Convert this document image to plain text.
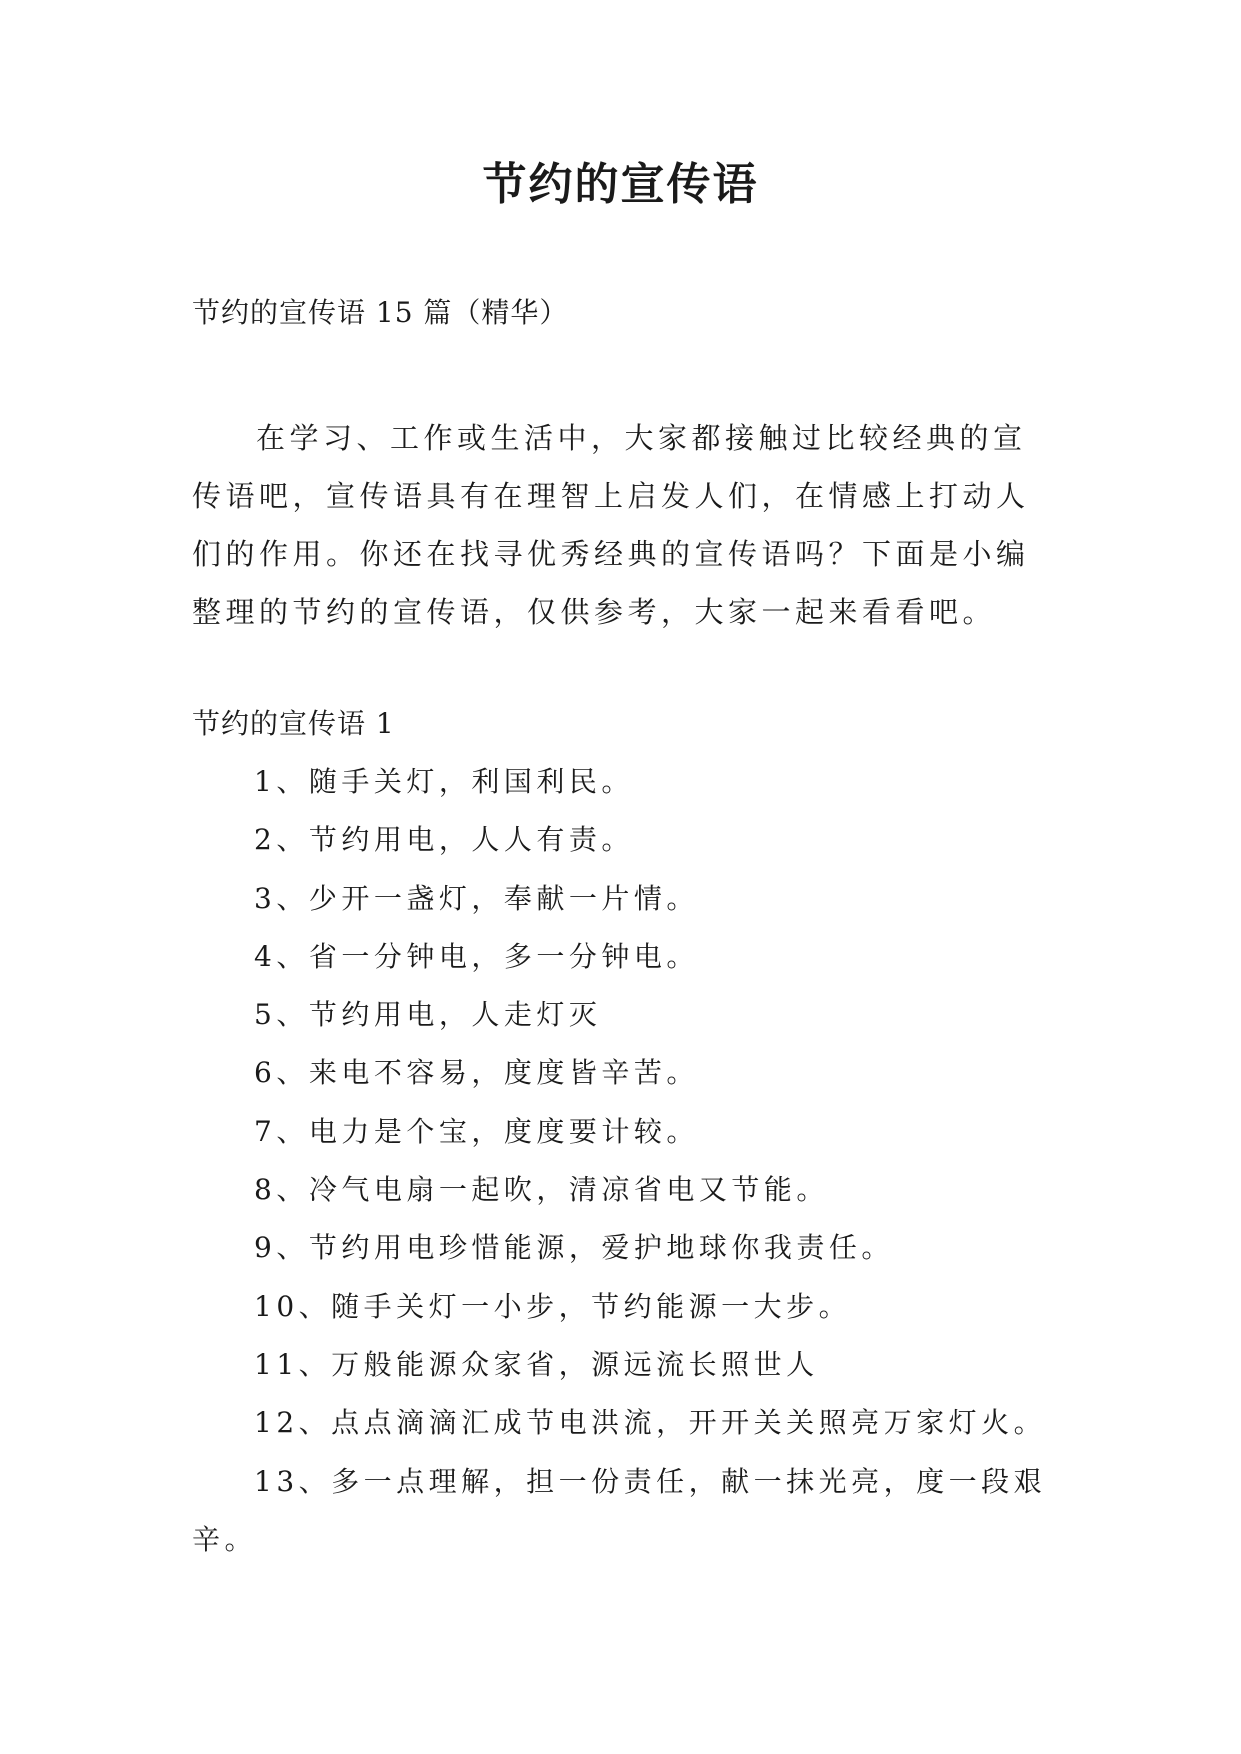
节约的宣传语

节约的宣传语 15 篇（精华）

在学习、工作或生活中，大家都接触过比较经典的宣传语吧，宣传语具有在理智上启发人们，在情感上打动人们的作用。你还在找寻优秀经典的宣传语吗？下面是小编整理的节约的宣传语，仅供参考，大家一起来看看吧。

节约的宣传语 1

1、随手关灯，利国利民。
2、节约用电，人人有责。
3、少开一盏灯，奉献一片情。
4、省一分钟电，多一分钟电。
5、节约用电，人走灯灭
6、来电不容易，度度皆辛苦。
7、电力是个宝，度度要计较。
8、冷气电扇一起吹，清凉省电又节能。
9、节约用电珍惜能源，爱护地球你我责任。
10、随手关灯一小步，节约能源一大步。
11、万般能源众家省，源远流长照世人
12、点点滴滴汇成节电洪流，开开关关照亮万家灯火。
13、多一点理解，担一份责任，献一抹光亮，度一段艰辛。
